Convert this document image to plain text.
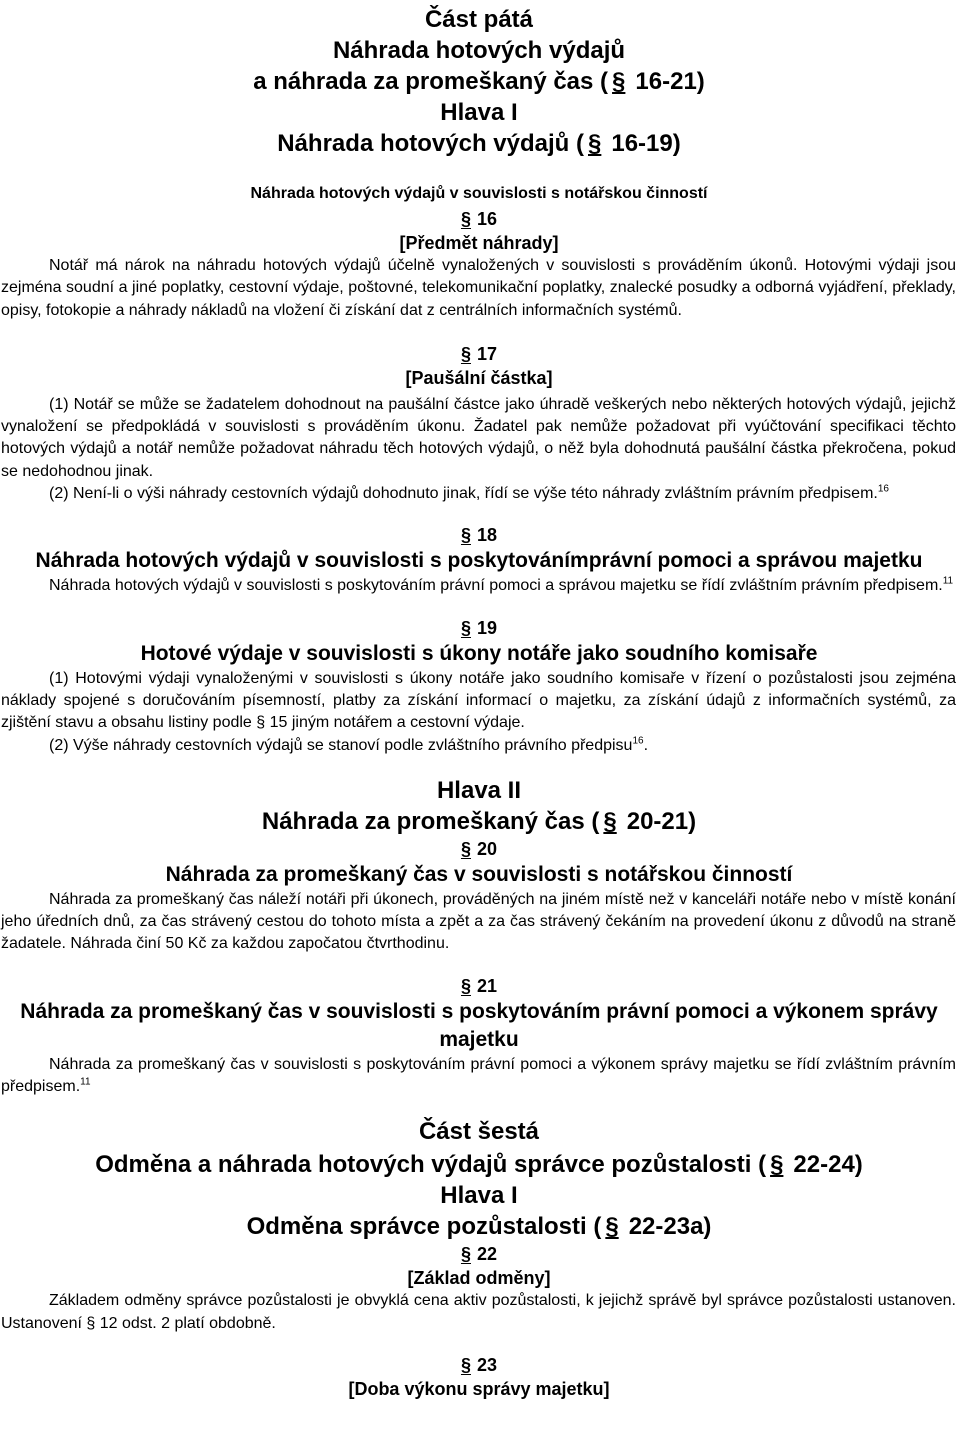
Část pátá

Náhrada hotových výdajů

a náhrada za promeškaný čas ( § 16-21)

Hlava I

Náhrada hotových výdajů ( § 16-19)

Náhrada hotových výdajů v souvislosti s notářskou činností

§ 16

[Předmět náhrady]

Notář má nárok na náhradu hotových výdajů účelně vynaložených v souvislosti s prováděním úkonů. Hotovými výdaji jsou zejména soudní a jiné poplatky, cestovní výdaje, poštovné, telekomunikační poplatky, znalecké posudky a odborná vyjádření, překlady, opisy, fotokopie a náhrady nákladů na vložení či získání dat z centrálních informačních systémů.

§ 17

[Paušální částka]

(1) Notář se může se žadatelem dohodnout na paušální částce jako úhradě veškerých nebo některých hotových výdajů, jejichž vynaložení se předpokládá v souvislosti s prováděním úkonu. Žadatel pak nemůže požadovat při vyúčtování specifikaci těchto hotových výdajů a notář nemůže požadovat náhradu těch hotových výdajů, o něž byla dohodnutá paušální částka překročena, pokud se nedohodnou jinak.

(2) Není-li o výši náhrady cestovních výdajů dohodnuto jinak, řídí se výše této náhrady zvláštním právním předpisem.$^{16}$

§ 18

Náhrada hotových výdajů v souvislosti s poskytovánímprávní pomoci a správou majetku

Náhrada hotových výdajů v souvislosti s poskytováním právní pomoci a správou majetku se řídí zvláštním právním předpisem.$^{11}$

§ 19

Hotové výdaje v souvislosti s úkony notáře jako soudního komisaře

(1) Hotovými výdaji vynaloženými v souvislosti s úkony notáře jako soudního komisaře v řízení o pozůstalosti jsou zejména náklady spojené s doručováním písemností, platby za získání informací o majetku, za získání údajů z informačních systémů, za zjištění stavu a obsahu listiny podle § 15 jiným notářem a cestovní výdaje.

(2) Výše náhrady cestovních výdajů se stanoví podle zvláštního právního předpisu$^{16}$.

Hlava II

Náhrada za promeškaný čas ( § 20-21)

§ 20

Náhrada za promeškaný čas v souvislosti s notářskou činností

Náhrada za promeškaný čas náleží notáři při úkonech, prováděných na jiném místě než v kanceláři notáře nebo v místě konání jeho úředních dnů, za čas strávený cestou do tohoto místa a zpět a za čas strávený čekáním na provedení úkonu z důvodů na straně žadatele. Náhrada činí 50 Kč za každou započatou čtvrthodinu.

§ 21

Náhrada za promeškaný čas v souvislosti s poskytováním právní pomoci a výkonem správy majetku

Náhrada za promeškaný čas v souvislosti s poskytováním právní pomoci a výkonem správy majetku se řídí zvláštním právním předpisem.$^{11}$

Část šestá

Odměna a náhrada hotových výdajů správce pozůstalosti ( § 22-24)

Hlava I

Odměna správce pozůstalosti ( § 22-23a)

§ 22

[Základ odměny]

Základem odměny správce pozůstalosti je obvyklá cena aktiv pozůstalosti, k jejichž správě byl správce pozůstalosti ustanoven. Ustanovení § 12 odst. 2 platí obdobně.

§ 23

[Doba výkonu správy majetku]
